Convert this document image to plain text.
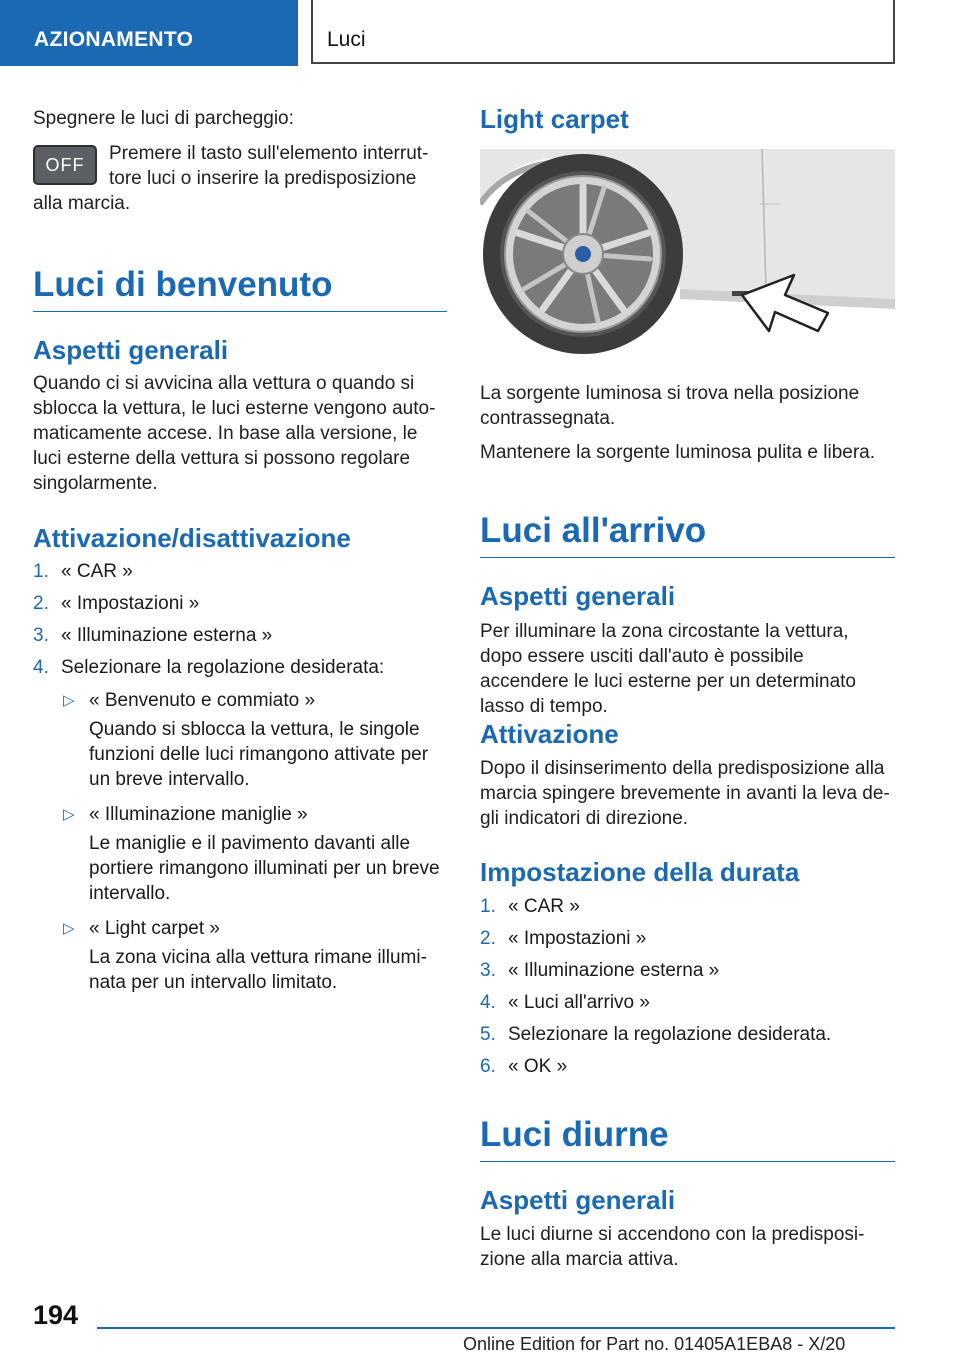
AZIONAMENTO	Luci

Spegnere le luci di parcheggio:

OFF

Premere il tasto sull'elemento interruttore luci o inserire la predisposizione alla marcia.

Luci di benvenuto
Aspetti generali

Quando ci si avvicina alla vettura o quando si sblocca la vettura, le luci esterne vengono automaticamente accese. In base alla versione, le luci esterne della vettura si possono regolare singolarmente.

Attivazione/disattivazione
1. « CAR »
2. « Impostazioni »
3. « Illuminazione esterna »
4. Selezionare la regolazione desiderata:
▷ « Benvenuto e commiato »
Quando si sblocca la vettura, le singole funzioni delle luci rimangono attivate per un breve intervallo.
▷ « Illuminazione maniglie »
Le maniglie e il pavimento davanti alle portiere rimangono illuminati per un breve intervallo.
▷ « Light carpet »
La zona vicina alla vettura rimane illuminata per un intervallo limitato.
Light carpet

La sorgente luminosa si trova nella posizione contrassegnata.

Mantenere la sorgente luminosa pulita e libera.

Luci all'arrivo
Aspetti generali

Per illuminare la zona circostante la vettura, dopo essere usciti dall'auto è possibile accendere le luci esterne per un determinato lasso di tempo.

Attivazione

Dopo il disinserimento della predisposizione alla marcia spingere brevemente in avanti la leva degli indicatori di direzione.

Impostazione della durata
1. « CAR »
2. « Impostazioni »
3. « Illuminazione esterna »
4. « Luci all'arrivo »
5. Selezionare la regolazione desiderata.
6. « OK »
Luci diurne
Aspetti generali

Le luci diurne si accendono con la predisposizione alla marcia attiva.

194
Online Edition for Part no. 01405A1EBA8 - X/20
